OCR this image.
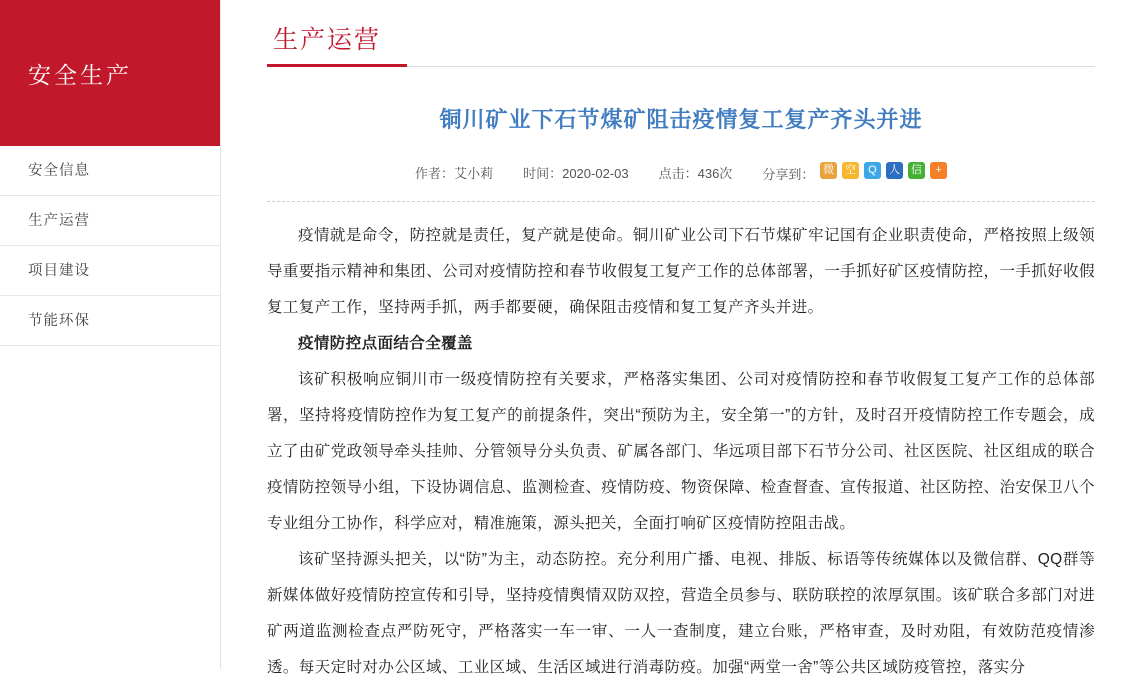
安全生产
安全信息
生产运营
项目建设
节能环保
生产运营
铜川矿业下石节煤矿阻击疫情复工复产齐头并进
作者：艾小莉 时间：2020-02-03 点击：436次 分享到： 微 空	Q	人 信	+

疫情就是命令，防控就是责任，复产就是使命。铜川矿业公司下石节煤矿牢记国有企业职责使命，严格按照上级领导重要指示精神和集团、公司对疫情防控和春节收假复工复产工作的总体部署，一手抓好矿区疫情防控，一手抓好收假复工复产工作，坚持两手抓，两手都要硬，确保阻击疫情和复工复产齐头并进。

疫情防控点面结合全覆盖

该矿积极响应铜川市一级疫情防控有关要求，严格落实集团、公司对疫情防控和春节收假复工复产工作的总体部署，坚持将疫情防控作为复工复产的前提条件，突出“预防为主，安全第一”的方针，及时召开疫情防控工作专题会，成立了由矿党政领导牵头挂帅、分管领导分头负责、矿属各部门、华远项目部下石节分公司、社区医院、社区组成的联合疫情防控领导小组，下设协调信息、监测检查、疫情防疫、物资保障、检查督查、宣传报道、社区防控、治安保卫八个专业组分工协作，科学应对，精准施策，源头把关，全面打响矿区疫情防控阻击战。

该矿坚持源头把关，以“防”为主，动态防控。充分利用广播、电视、排版、标语等传统媒体以及微信群、QQ群等新媒体做好疫情防控宣传和引导，坚持疫情舆情双防双控，营造全员参与、联防联控的浓厚氛围。该矿联合多部门对进矿两道监测检查点严防死守，严格落实一车一审、一人一查制度，建立台账，严格审查，及时劝阻，有效防范疫情渗透。每天定时对办公区域、工业区域、生活区域进行消毒防疫。加强“两堂一舍”等公共区域防疫管控，落实分
